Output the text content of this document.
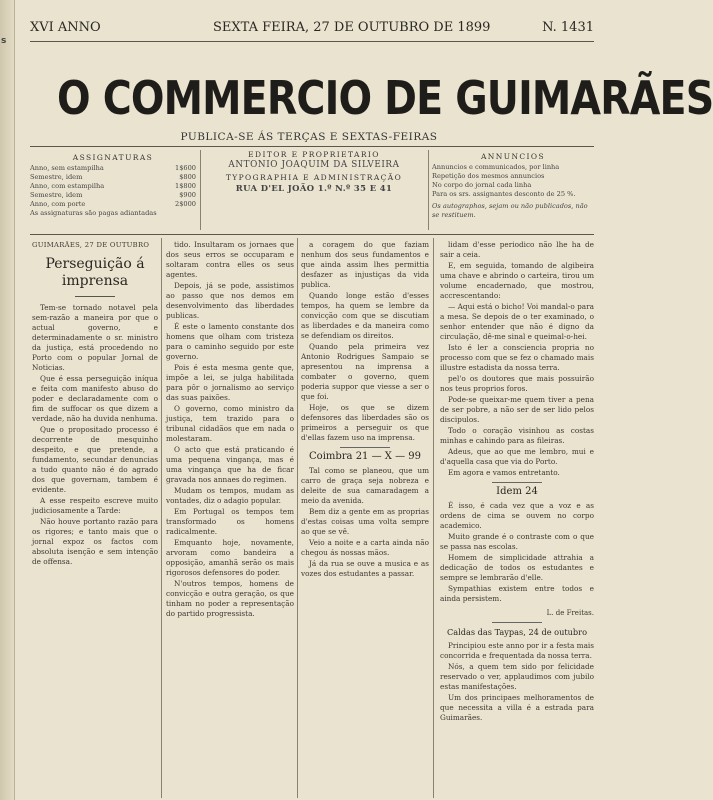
s
XVI ANNO	SEXTA FEIRA, 27 DE OUTUBRO DE 1899	N. 1431
O COMMERCIO DE GUIMARÃES
PUBLICA-SE ÁS TERÇAS E SEXTAS-FEIRAS
ASSIGNATURAS
Anno, sem estampilha	1$600
Semestre, idem	$800
Anno, com estampilha	1$800
Semestre, idem	$900
Anno, com porte	2$000
As assignaturas são pagas adiantadas
EDITOR E PROPRIETARIO
ANTONIO JOAQUIM DA SILVEIRA
TYPOGRAPHIA E ADMINISTRAÇÃO
RUA D'EL JOÃO 1.º N.º 35 E 41
ANNUNCIOS
Annuncios e communicados, por linha
Repetição dos mesmos annuncios
No corpo do jornal cada linha
Para os srs. assignantes desconto de 25 %.
Os autographos, sejam ou não publicados, não se restituem.
GUIMARÃES, 27 DE OUTUBRO
Perseguição á imprensa

Tem-se tornado notavel pela sem-razão a maneira por que o actual governo, e determinadamente o sr. ministro da justiça, está procedendo no Porto com o popular Jornal de Noticias.

Que é essa perseguição iníqua e feita com manifesto abuso do poder e declaradamente com o fim de suffocar os que dizem a verdade, não ha duvida nenhuma.

Que o propositado processo é decorrente de mesquinho despeito, e que pretende, a fundamento, secundar denuncias a tudo quanto não é do agrado dos que governam, tambem é evidente.

A esse respeito escreve muito judiciosamente a Tarde:

Não houve portanto razão para os rigores; e tanto mais que o jornal expoz os factos com absoluta isenção e sem intenção de offensa.

tido. Insultaram os jornaes que dos seus erros se occuparam e soltaram contra elles os seus agentes.

Depois, já se pode, assistimos ao passo que nos demos em desenvolvimento das liberdades publicas.

É este o lamento constante dos homens que olham com tristeza para o caminho seguido por este governo.

Pois é esta mesma gente que, impõe a lei, se julga habilitada para pôr o jornalismo ao serviço das suas paixões.

O governo, como ministro da justiça, tem trazido para o tribunal cidadãos que em nada o molestaram.

O acto que está praticando é uma pequena vingança, mas é uma vingança que ha de ficar gravada nos annaes do regimen.

Mudam os tempos, mudam as vontades, diz o adagio popular.

Em Portugal os tempos tem transformado os homens radicalmente.

Emquanto hoje, novamente, arvoram como bandeira a opposição, amanhã serão os mais rigorosos defensores do poder.

N'outros tempos, homens de convicção e outra geração, os que tinham no poder a representação do partido progressista.

a coragem do que faziam nenhum dos seus fundamentos e que ainda assim lhes permittia desfazer as injustiças da vida publica.

Quando longe estão d'esses tempos, ha quem se lembre da convicção com que se discutiam as liberdades e da maneira como se defendiam os direitos.

Quando pela primeira vez Antonio Rodrigues Sampaio se apresentou na imprensa a combater o governo, quem poderia suppor que viesse a ser o que foi.

Hoje, os que se dizem defensores das liberdades são os primeiros a perseguir os que d'ellas fazem uso na imprensa.

Coimbra 21 — X — 99

Tal como se planeou, que um carro de graça seja nobreza e deleite de sua camaradagem a meio da avenida.

Bem diz a gente em as proprias d'estas coisas uma volta sempre ao que se vê.

Veio a noite e a carta ainda não chegou ás nossas mãos.

Já da rua se ouve a musica e as vozes dos estudantes a passar.

lidam d'esse periodico não lhe ha de sair a ceia.

E, em seguida, tomando de algibeira uma chave e abrindo o carteira, tirou um volume encadernado, que mostrou, accrescentando:

— Aqui está o bicho! Voi mandal-o para a mesa. Se depois de o ter examinado, o senhor entender que não é digno da circulação, dê-me sinal e queimal-o-hei.

Isto é ler a consciencia propria no processo com que se fez o chamado mais illustre estadista da nossa terra.

pel'o os doutores que mais possuirão nos teus proprios foros.

Pode-se queixar-me quem tiver a pena de ser pobre, a não ser de ser lido pelos discipulos.

Todo o coração visinhou as costas minhas e cahindo para as fileiras.

Adeus, que ao que me lembro, mui e d'aquella casa que via do Porto.

Em agora e vamos entretanto.

Idem 24

É isso, é cada vez que a voz e as ordens de cima se ouvem no corpo academico.

Muito grande é o contraste com o que se passa nas escolas.

Homem de simplicidade attrahia a dedicação de todos os estudantes e sempre se lembrarão d'elle.

Sympathias existem entre todos e ainda persistem.

L. de Freitas.
Caldas das Taypas, 24 de outubro

Principiou este anno por ir a festa mais concorrida e frequentada da nossa terra.

Nós, a quem tem sido por felicidade reservado o ver, applaudimos com jubilo estas manifestações.

Um dos principaes melhoramentos de que necessita a villa é a estrada para Guimarães.
